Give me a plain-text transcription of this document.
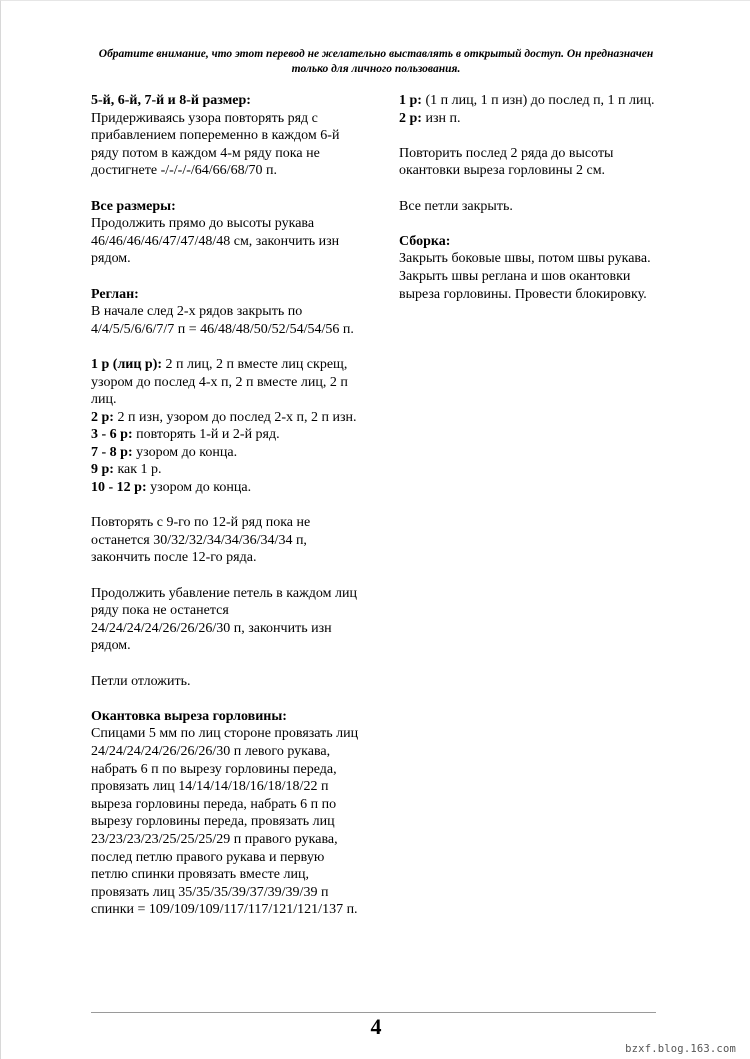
Обратите внимание, что этот перевод не желательно выставлять в открытый доступ. Он предназначен только для личного пользования.

5-й, 6-й, 7-й и 8-й размер:

Придерживаясь узора повторять ряд с прибавлением попеременно в каждом 6-й ряду потом в каждом 4-м ряду пока не достигнете -/-/-/-/64/66/68/70 п.

Все размеры:

Продолжить прямо до высоты рукава 46/46/46/46/47/47/48/48 см, закончить изн рядом.

Реглан:

В начале след 2-х рядов закрыть по 4/4/5/5/6/6/7/7 п = 46/48/48/50/52/54/54/56 п.

1 р (лиц р): 2 п лиц, 2 п вместе лиц скрещ, узором до послед 4-х п, 2 п вместе лиц, 2 п лиц.

2 р: 2 п изн, узором до послед 2-х п, 2 п изн.

3 - 6 р: повторять 1-й и 2-й ряд.

7 - 8 р: узором до конца.

9 р: как 1 р.

10 - 12 р: узором до конца.

Повторять с 9-го по 12-й ряд пока не останется 30/32/32/34/34/36/34/34 п, закончить после 12-го ряда.

Продолжить убавление петель в каждом лиц ряду пока не останется 24/24/24/24/26/26/26/30 п, закончить изн рядом.

Петли отложить.

Окантовка выреза горловины:

Спицами 5 мм по лиц стороне провязать лиц 24/24/24/24/26/26/26/30 п левого рукава, набрать 6 п по вырезу горловины переда, провязать лиц 14/14/14/18/16/18/18/22 п выреза горловины переда, набрать 6 п по вырезу горловины переда, провязать лиц 23/23/23/23/25/25/25/29 п правого рукава, послед петлю правого рукава и первую петлю спинки провязать вместе лиц, провязать лиц 35/35/35/39/37/39/39/39 п спинки = 109/109/109/117/117/121/121/137 п.

1 р: (1 п лиц, 1 п изн) до послед п, 1 п лиц.

2 р: изн п.

Повторить послед 2 ряда до высоты окантовки выреза горловины 2 см.

Все петли закрыть.

Сборка:

Закрыть боковые швы, потом швы рукава. Закрыть швы реглана и шов окантовки выреза горловины. Провести блокировку.

4
bzxf.blog.163.com
